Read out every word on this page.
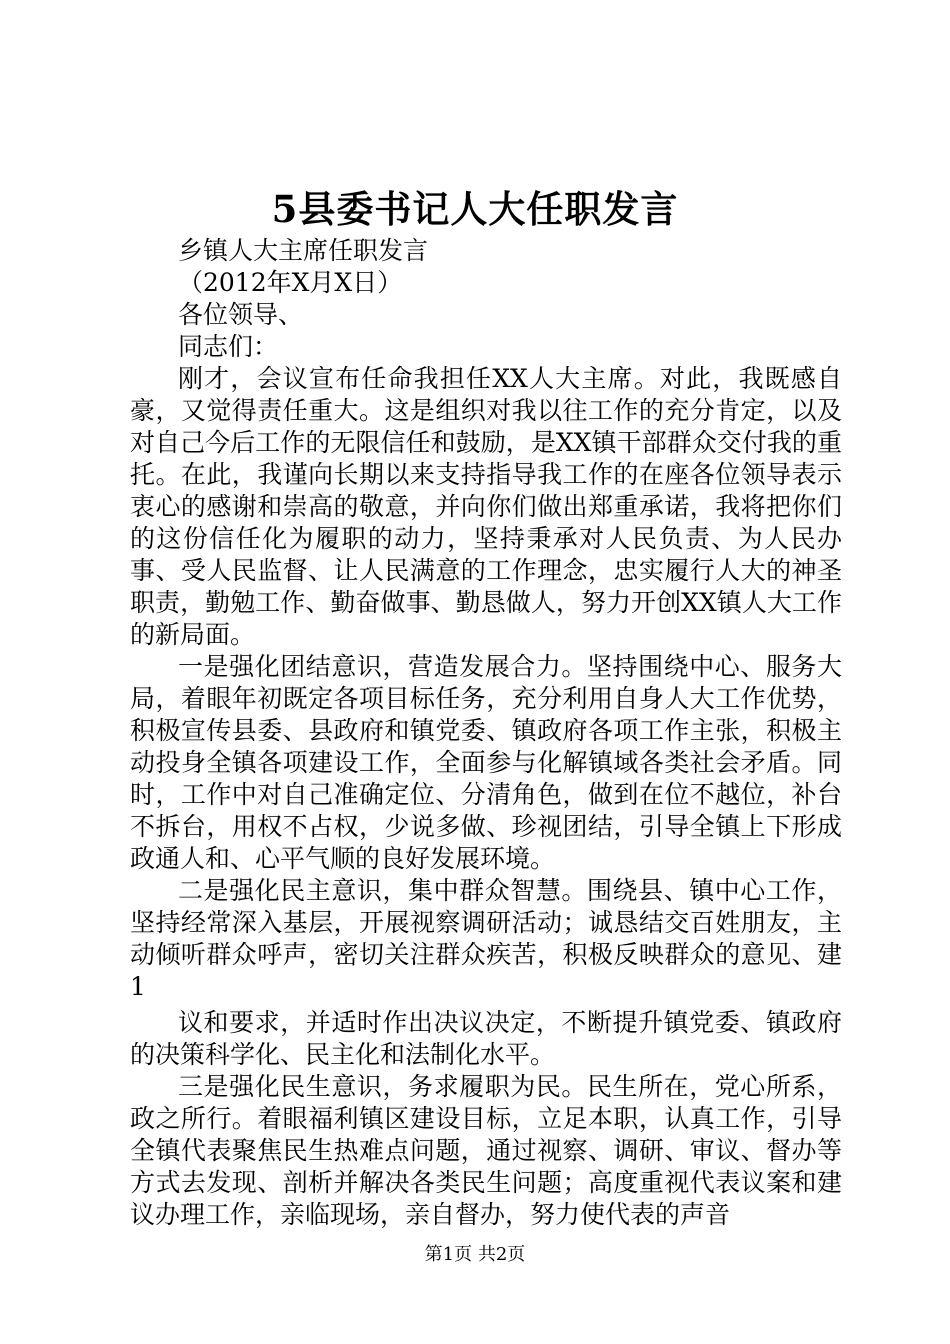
5县委书记人大任职发言

乡镇人大主席任职发言

（2012年X月X日）

各位领导、

同志们：

刚才，会议宣布任命我担任XX人大主席。对此，我既感自豪，又觉得责任重大。这是组织对我以往工作的充分肯定，以及对自己今后工作的无限信任和鼓励，是XX镇干部群众交付我的重托。在此，我谨向长期以来支持指导我工作的在座各位领导表示衷心的感谢和崇高的敬意，并向你们做出郑重承诺，我将把你们的这份信任化为履职的动力，坚持秉承对人民负责、为人民办事、受人民监督、让人民满意的工作理念，忠实履行人大的神圣职责，勤勉工作、勤奋做事、勤恳做人，努力开创XX镇人大工作的新局面。

一是强化团结意识，营造发展合力。坚持围绕中心、服务大局，着眼年初既定各项目标任务，充分利用自身人大工作优势，积极宣传县委、县政府和镇党委、镇政府各项工作主张，积极主动投身全镇各项建设工作，全面参与化解镇域各类社会矛盾。同时，工作中对自己准确定位、分清角色，做到在位不越位，补台不拆台，用权不占权，少说多做、珍视团结，引导全镇上下形成政通人和、心平气顺的良好发展环境。

二是强化民主意识，集中群众智慧。围绕县、镇中心工作，坚持经常深入基层，开展视察调研活动；诚恳结交百姓朋友，主动倾听群众呼声，密切关注群众疾苦，积极反映群众的意见、建1

议和要求，并适时作出决议决定，不断提升镇党委、镇政府的决策科学化、民主化和法制化水平。

三是强化民生意识，务求履职为民。民生所在，党心所系，政之所行。着眼福利镇区建设目标，立足本职，认真工作，引导全镇代表聚焦民生热难点问题，通过视察、调研、审议、督办等方式去发现、剖析并解决各类民生问题；高度重视代表议案和建议办理工作，亲临现场，亲自督办，努力使代表的声音

第1页 共2页
